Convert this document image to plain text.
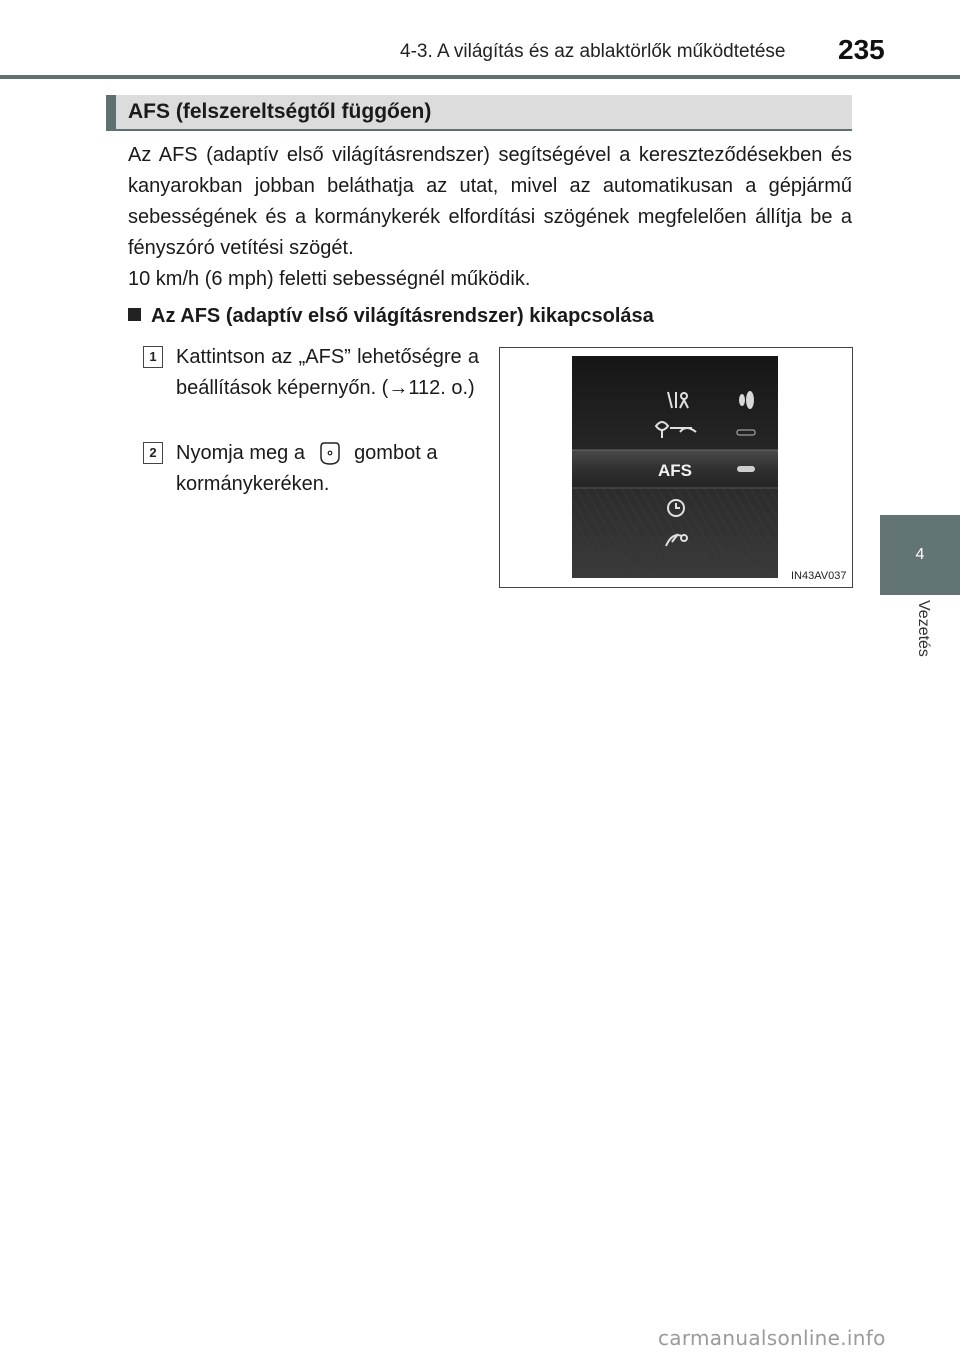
4-3. A világítás és az ablaktörlők működtetése 235
4
Vezetés
AFS (felszereltségtől függően)
Az AFS (adaptív első világításrendszer) segítségével a kereszteződésekben és kanyarokban jobban beláthatja az utat, mivel az automatikusan a gépjármű sebességének és a kormánykerék elfordítási szögének megfelelően állítja be a fényszóró vetítési szögét.
10 km/h (6 mph) feletti sebességnél működik.
Az AFS (adaptív első világításrendszer) kikapcsolása
1 Kattintson az „AFS” lehetőségre a beállítások képernyőn. (→112. o.)
2 Nyomja meg a gombot a kormánykeréken.
AFS
IN43AV037
carmanualsonline.info
